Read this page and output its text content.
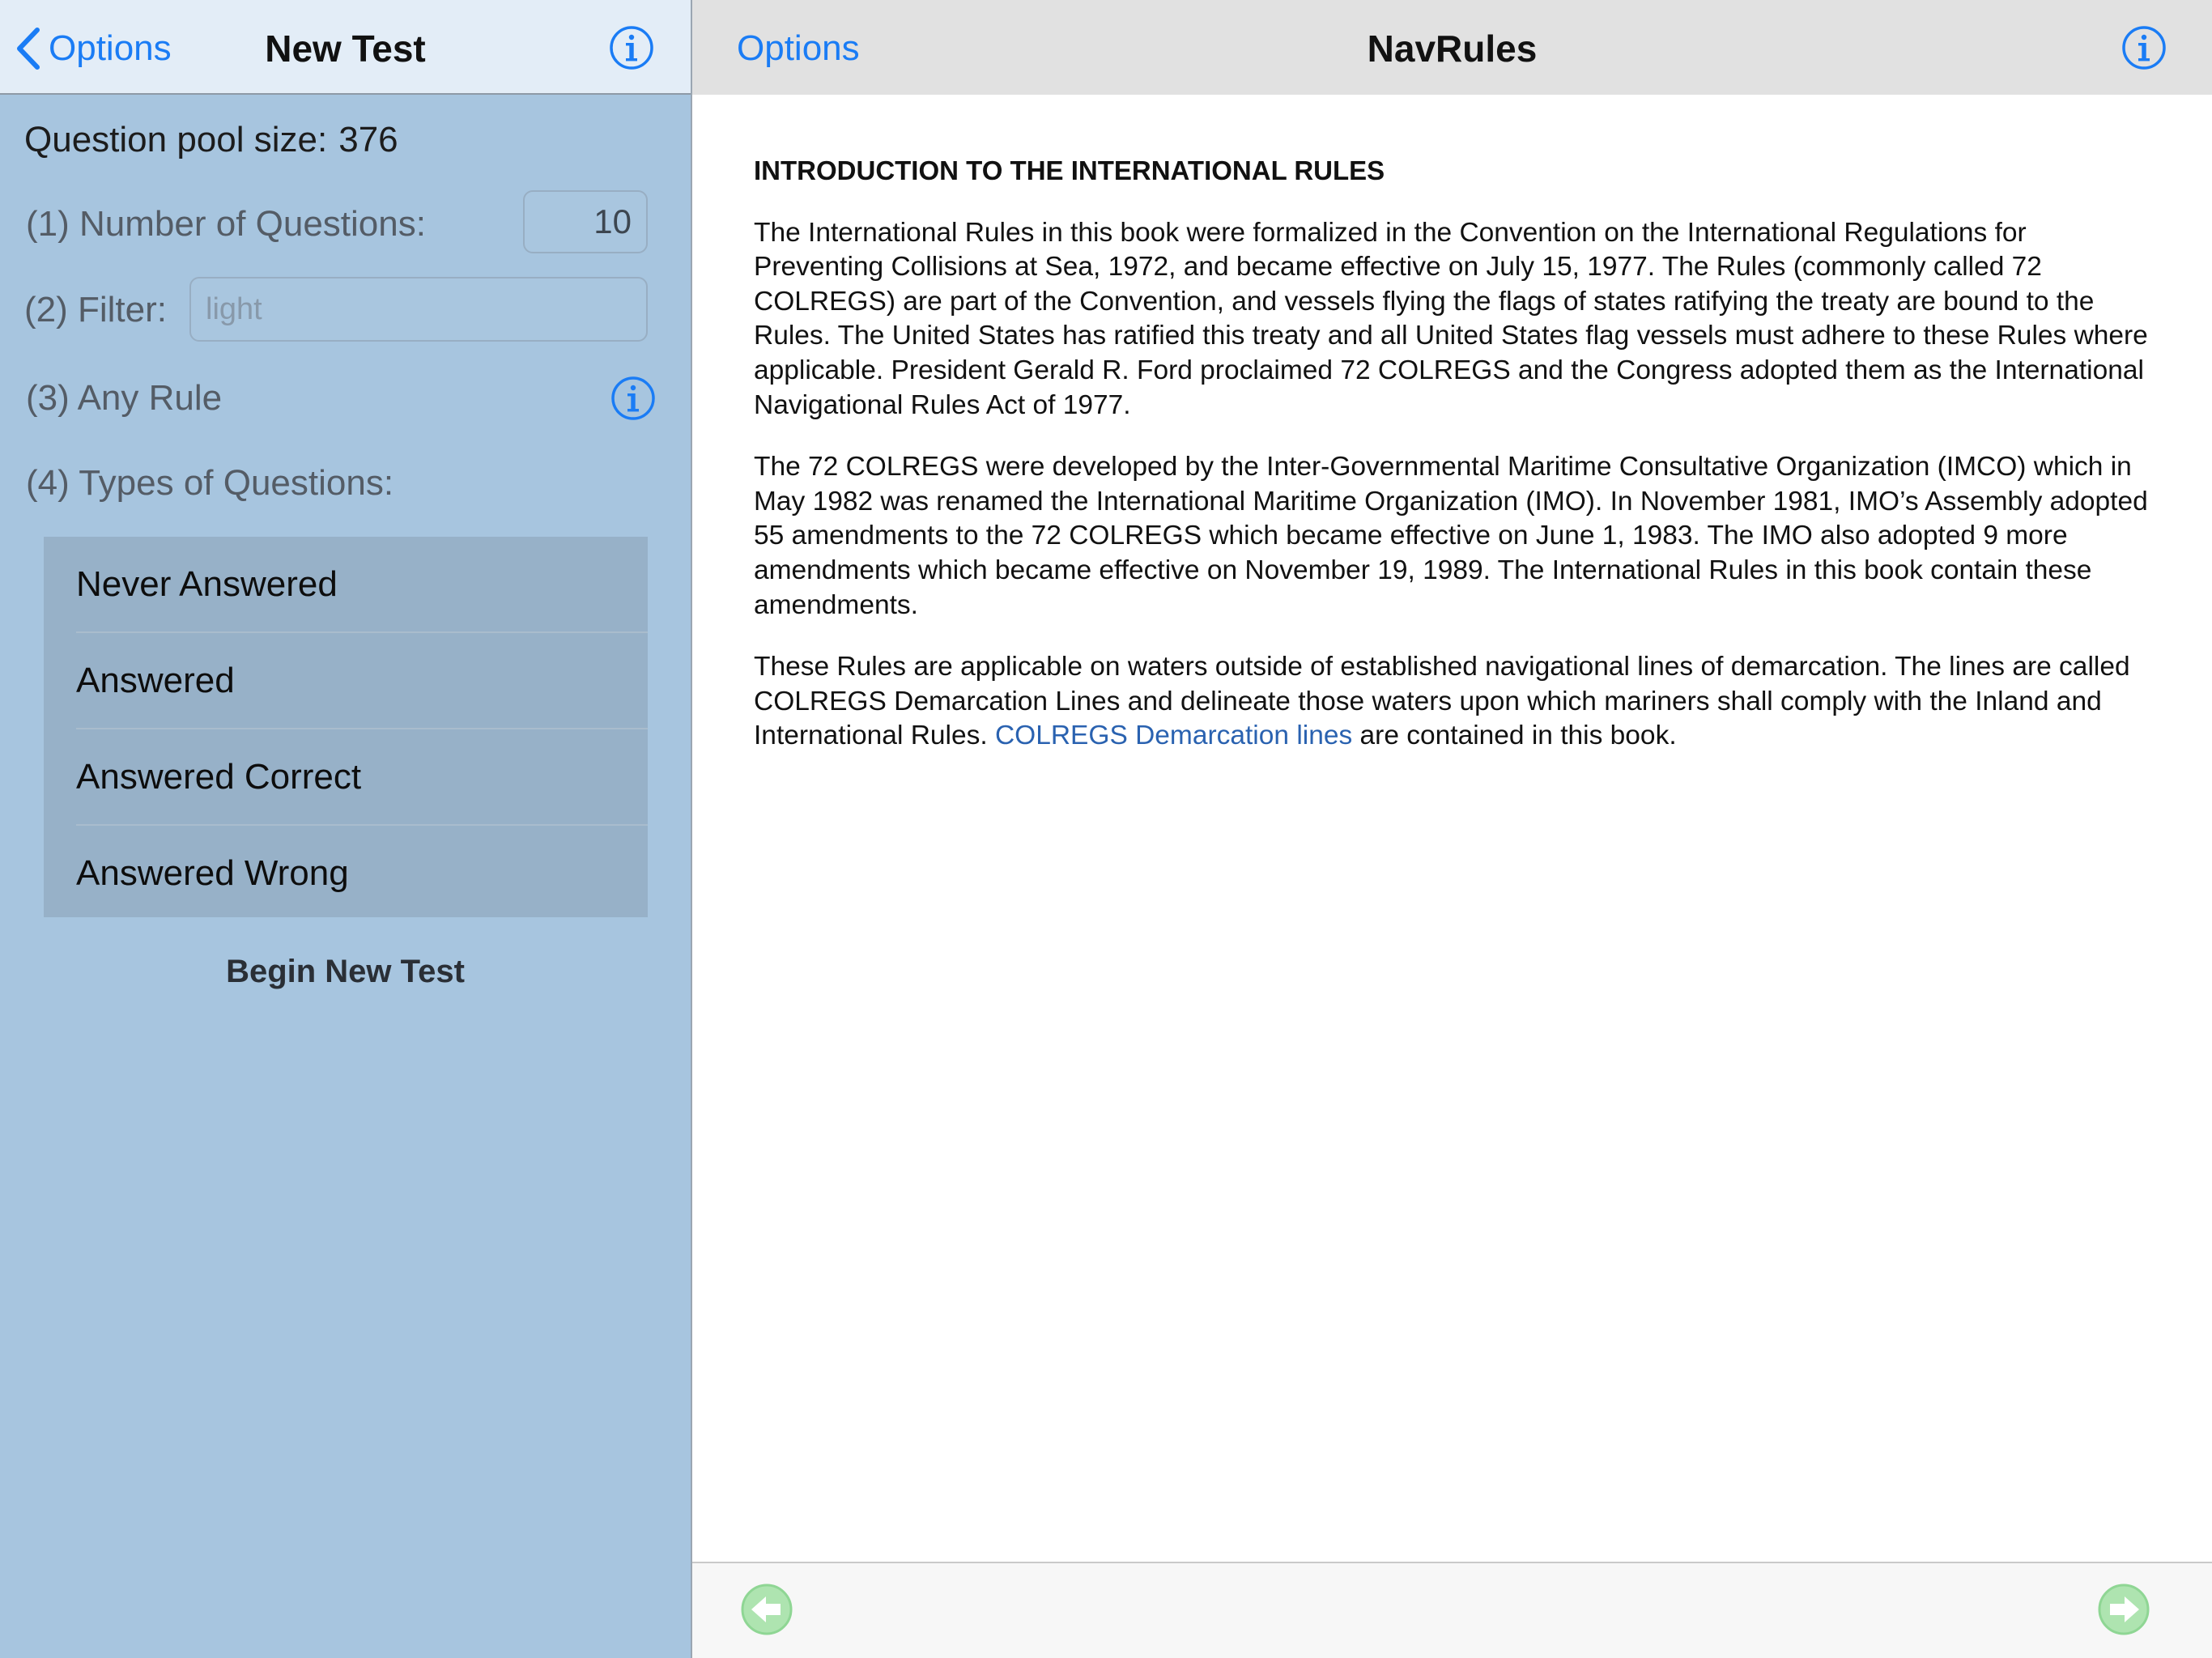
Options	New Test
Question pool size: 376
(1) Number of Questions:	10
(2) Filter:	light
(3) Any Rule
(4) Types of Questions:
Never Answered
Answered
Answered Correct
Answered Wrong
Begin New Test
Options	NavRules
INTRODUCTION TO THE INTERNATIONAL RULES

The International Rules in this book were formalized in the Convention on the International Regulations for Preventing Collisions at Sea, 1972, and became effective on July 15, 1977. The Rules (commonly called 72 COLREGS) are part of the Convention, and vessels flying the flags of states ratifying the treaty are bound to the Rules. The United States has ratified this treaty and all United States flag vessels must adhere to these Rules where applicable. President Gerald R. Ford proclaimed 72 COLREGS and the Congress adopted them as the International Navigational Rules Act of 1977.

The 72 COLREGS were developed by the Inter-Governmental Maritime Consultative Organization (IMCO) which in May 1982 was renamed the International Maritime Organization (IMO). In November 1981, IMO’s Assembly adopted 55 amendments to the 72 COLREGS which became effective on June 1, 1983. The IMO also adopted 9 more amendments which became effective on November 19, 1989. The International Rules in this book contain these amendments.

These Rules are applicable on waters outside of established navigational lines of demarcation. The lines are called COLREGS Demarcation Lines and delineate those waters upon which mariners shall comply with the Inland and International Rules. COLREGS Demarcation lines are contained in this book.
